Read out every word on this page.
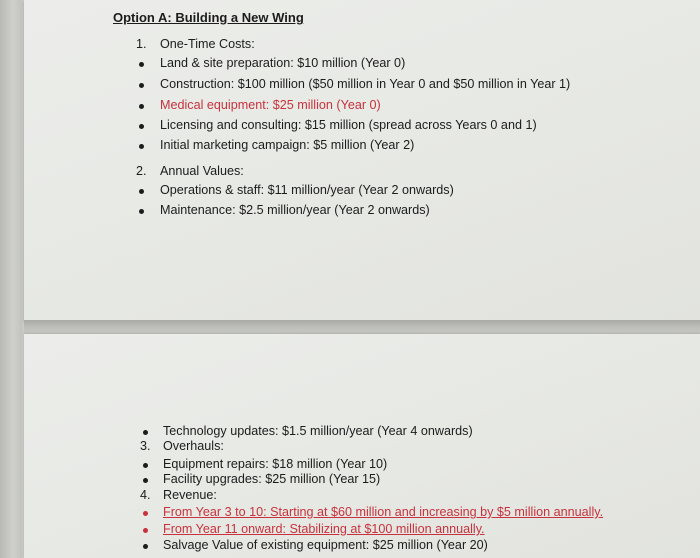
Option A: Building a New Wing
1. One-Time Costs:
Land & site preparation: $10 million (Year 0)
Construction: $100 million ($50 million in Year 0 and $50 million in Year 1)
Medical equipment: $25 million (Year 0)
Licensing and consulting: $15 million (spread across Years 0 and 1)
Initial marketing campaign: $5 million (Year 2)
2. Annual Values:
Operations & staff: $11 million/year (Year 2 onwards)
Maintenance: $2.5 million/year (Year 2 onwards)
Technology updates: $1.5 million/year (Year 4 onwards)
3. Overhauls:
Equipment repairs: $18 million (Year 10)
Facility upgrades: $25 million (Year 15)
4. Revenue:
From Year 3 to 10: Starting at $60 million and increasing by $5 million annually.
From Year 11 onward: Stabilizing at $100 million annually.
Salvage Value of existing equipment: $25 million (Year 20)
